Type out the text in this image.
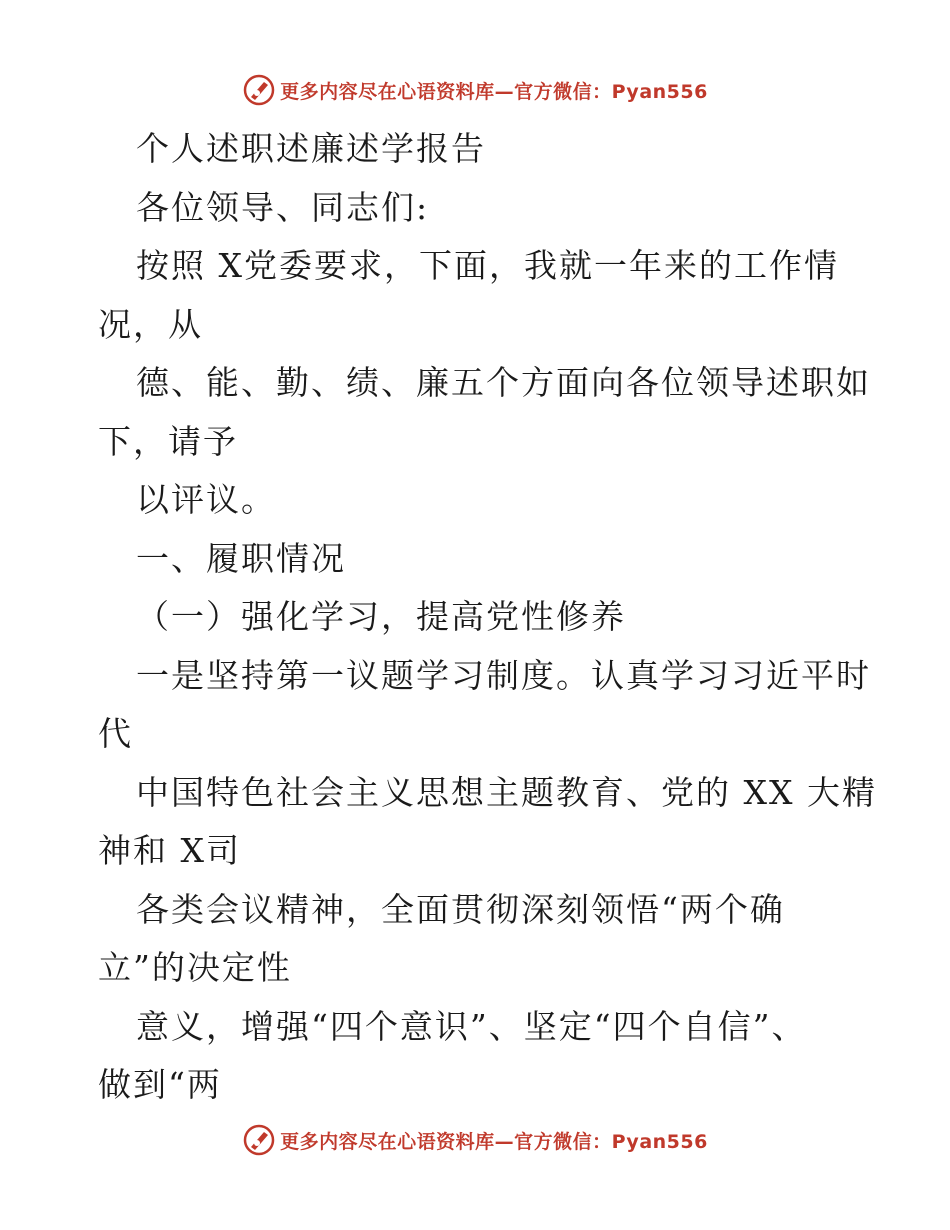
更多内容尽在心语资料库—官方微信：Pyan556
个人述职述廉述学报告
各位领导、同志们:
按照 X党委要求，下面，我就一年来的工作情
况，从
德、能、勤、绩、廉五个方面向各位领导述职如
下，请予
以评议。
一、履职情况
（一）强化学习，提高党性修养
一是坚持第一议题学习制度。认真学习习近平时
代
中国特色社会主义思想主题教育、党的 XX 大精
神和 X司
各类会议精神，全面贯彻深刻领悟“两个确
立”的决定性
意义，增强“四个意识”、坚定“四个自信”、
做到“两
更多内容尽在心语资料库—官方微信：Pyan556
